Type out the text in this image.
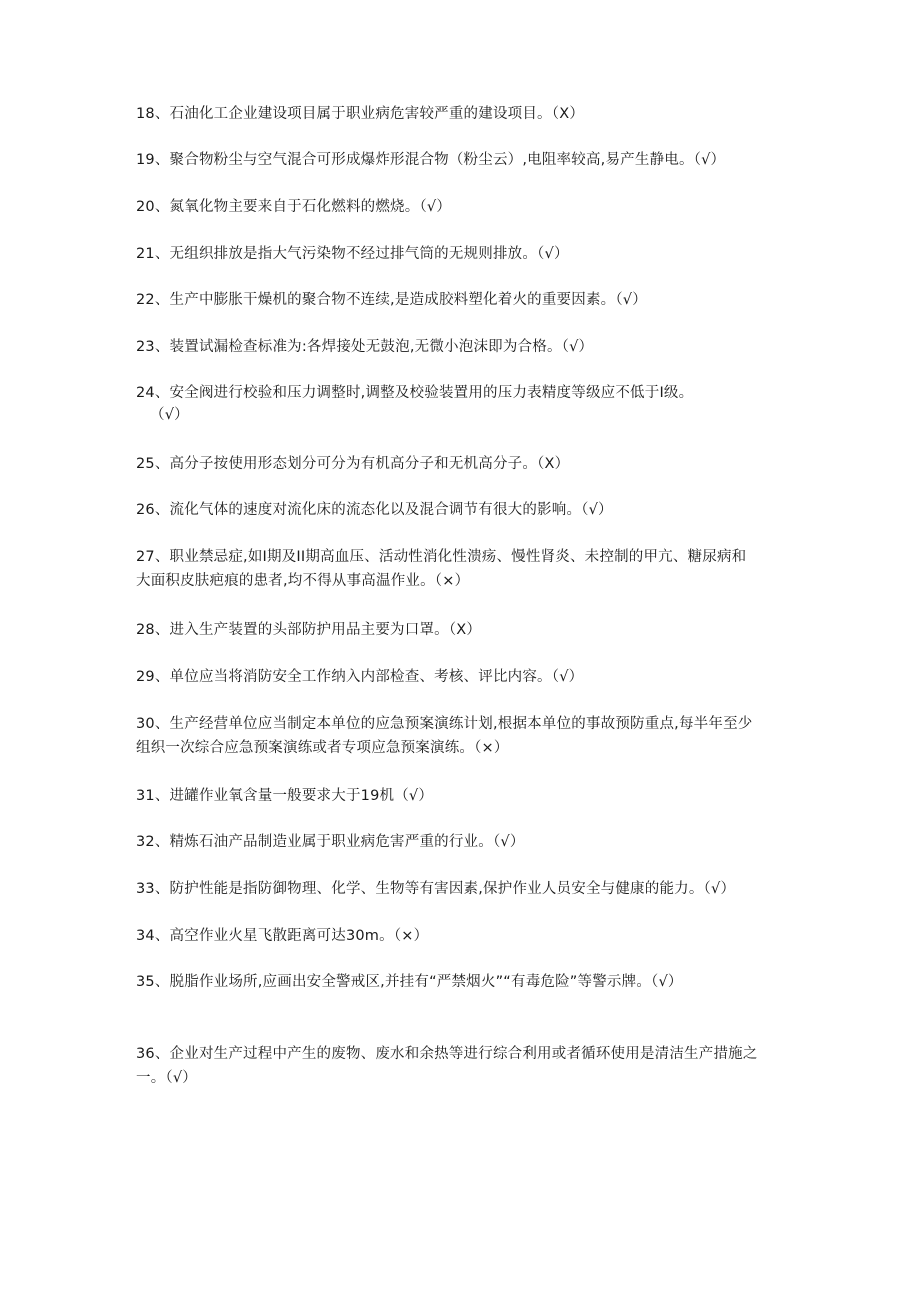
18、石油化工企业建设项目属于职业病危害较严重的建设项目。（X）
19、聚合物粉尘与空气混合可形成爆炸形混合物（粉尘云）,电阻率较高,易产生静电。（√）
20、氮氧化物主要来自于石化燃料的燃烧。（√）
21、无组织排放是指大气污染物不经过排气筒的无规则排放。（√）
22、生产中膨胀干燥机的聚合物不连续,是造成胶料塑化着火的重要因素。（√）
23、装置试漏检查标准为:各焊接处无鼓泡,无微小泡沫即为合格。（√）
24、安全阀进行校验和压力调整时,调整及校验装置用的压力表精度等级应不低于I级。
（√）
25、高分子按使用形态划分可分为有机高分子和无机高分子。（X）
26、流化气体的速度对流化床的流态化以及混合调节有很大的影响。（√）
27、职业禁忌症,如I期及II期高血压、活动性消化性溃疡、慢性肾炎、未控制的甲亢、糖尿病和
大面积皮肤疤痕的患者,均不得从事高温作业。（×）
28、进入生产装置的头部防护用品主要为口罩。（X）
29、单位应当将消防安全工作纳入内部检查、考核、评比内容。（√）
30、生产经营单位应当制定本单位的应急预案演练计划,根据本单位的事故预防重点,每半年至少
组织一次综合应急预案演练或者专项应急预案演练。（×）
31、进罐作业氧含量一般要求大于19机（√）
32、精炼石油产品制造业属于职业病危害严重的行业。（√）
33、防护性能是指防御物理、化学、生物等有害因素,保护作业人员安全与健康的能力。（√）
34、高空作业火星飞散距离可达30m。（×）
35、脱脂作业场所,应画出安全警戒区,并挂有“严禁烟火”“有毒危险”等警示牌。（√）
36、企业对生产过程中产生的废物、废水和余热等进行综合利用或者循环使用是清洁生产措施之
一。（√）
